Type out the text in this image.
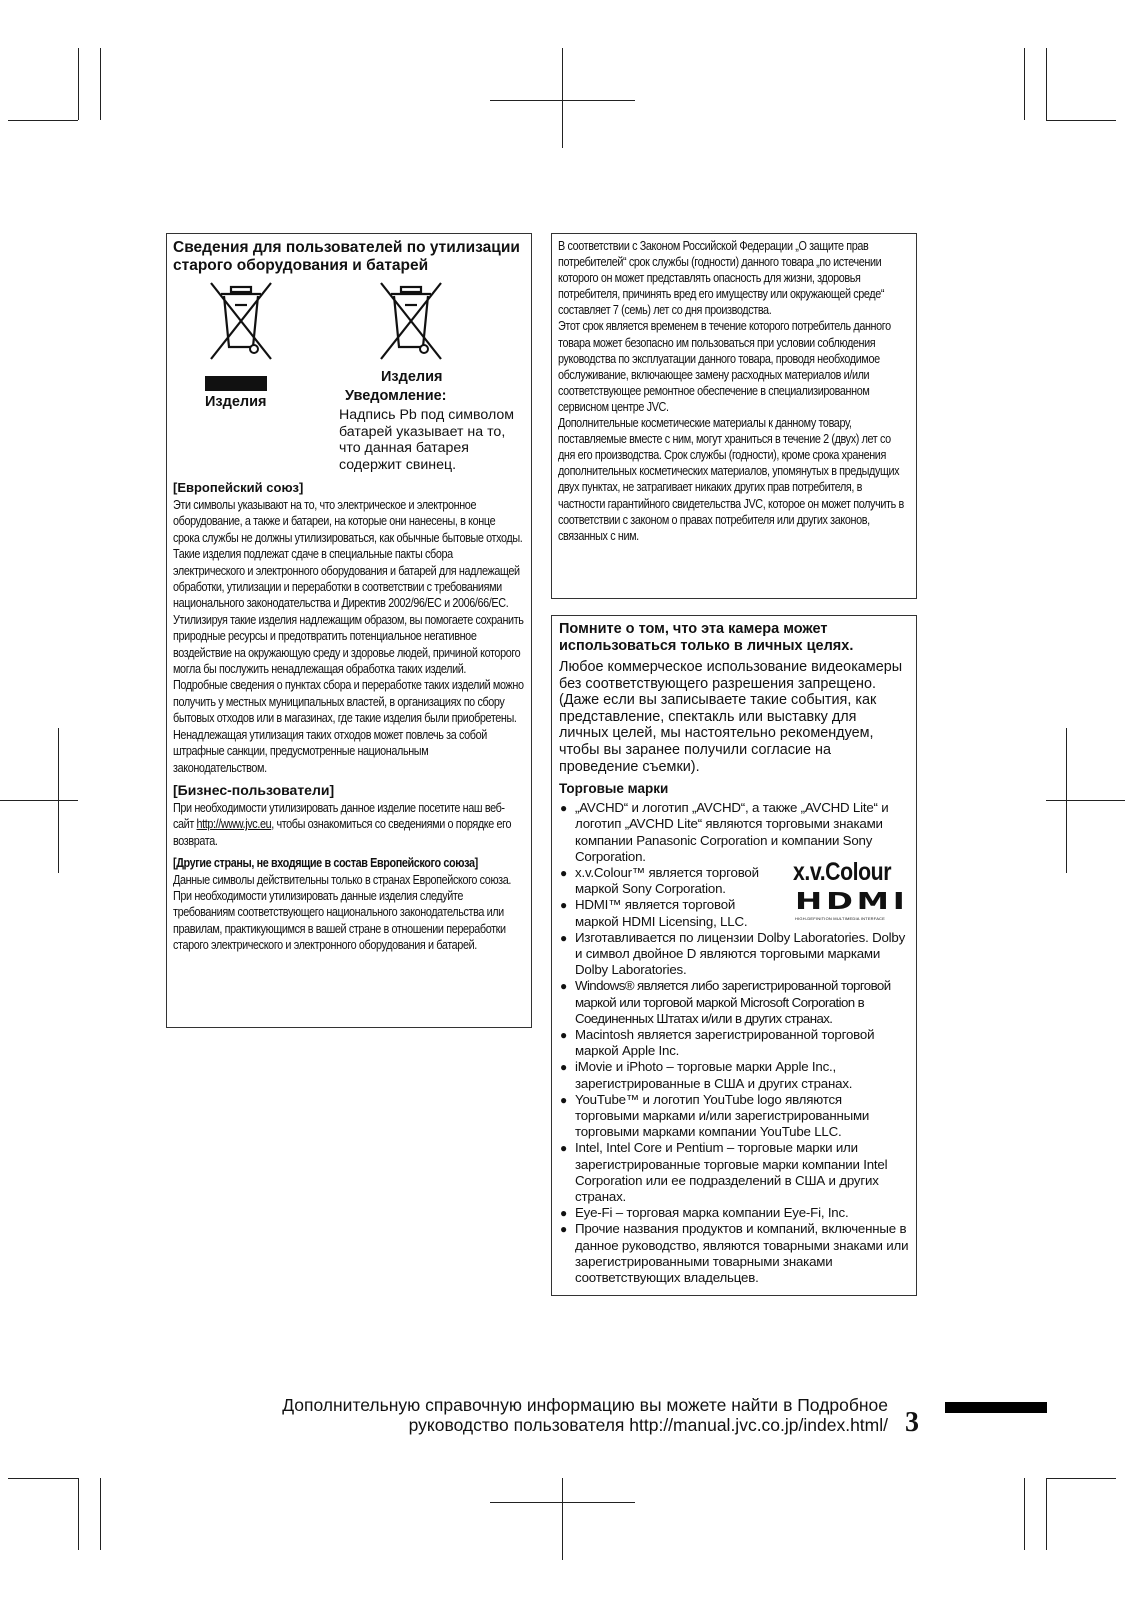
Сведения для пользователей по утилизации старого оборудования и батарей
Изделия
Изделия
Уведомление:
Надпись Pb под символом батарей указывает на то, что данная батарея содержит свинец.
[Европейский союз]

Эти символы указывают на то, что электрическое и электронное оборудование, а также и батареи, на которые они нанесены, в конце срока службы не должны утилизироваться, как обычные бытовые отходы. Такие изделия подлежат сдаче в специальные пакты сбора электрического и электронного оборудования и батарей для надлежащей обработки, утилизации и переработки в соответствии с требованиями национального законодательства и Директив 2002/96/EC и 2006/66/EC.

Утилизируя такие изделия надлежащим образом, вы помогаете сохранить природные ресурсы и предотвратить потенциальное негативное воздействие на окружающую среду и здоровье людей, причиной которого могла бы послужить ненадлежащая обработка таких изделий.

Подробные сведения о пунктах сбора и переработке таких изделий можно получить у местных муниципальных властей, в организациях по сбору бытовых отходов или в магазинах, где такие изделия были приобретены.

Ненадлежащая утилизация таких отходов может повлечь за собой штрафные санкции, предусмотренные национальным законодательством.

[Бизнес-пользователи]

При необходимости утилизировать данное изделие посетите наш веб-сайт http://www.jvc.eu, чтобы ознакомиться со сведениями о порядке его возврата.

[Другие страны, не входящие в состав Европейского союза]

Данные символы действительны только в странах Европейского союза. При необходимости утилизировать данные изделия следуйте требованиям соответствующего национального законодательства или правилам, практикующимся в вашей стране в отношении переработки старого электрического и электронного оборудования и батарей.

В соответствии с Законом Российской Федерации „О защите прав потребителей“ срок службы (годности) данного товара „по истечении которого он может представлять опасность для жизни, здоровья потребителя, причинять вред его имуществу или окружающей среде“ составляет 7 (семь) лет со дня производства.

Этот срок является временем в течение которого потребитель данного товара может безопасно им пользоваться при условии соблюдения руководства по эксплуатации данного товара, проводя необходимое обслуживание, включающее замену расходных материалов и/или соответствующее ремонтное обеспечение в специализированном сервисном центре JVC.

Дополнительные косметические материалы к данному товару, поставляемые вместе с ним, могут храниться в течение 2 (двух) лет со дня его производства. Срок службы (годности), кроме срока хранения дополнительных косметических материалов, упомянутых в предыдущих двух пунктах, не затрагивает никаких других прав потребителя, в частности гарантийного свидетельства JVC, которое он может получить в соответствии с законом о правах потребителя или других законов, связанных с ним.

Помните о том, что эта камера может использоваться только в личных целях.
Любое коммерческое использование видеокамеры без соответствующего разрешения запрещено. (Даже если вы записываете такие события, как представление, спектакль или выставку для личных целей, мы настоятельно рекомендуем, чтобы вы заранее получили согласие на проведение съемки).
Торговые марки
x.v.Colour
HDMI
HIGH-DEFINITION MULTIMEDIA INTERFACE
● „AVCHD“ и логотип „AVCHD“, а также „AVCHD Lite“ и логотип „AVCHD Lite“ являются торговыми знаками компании Panasonic Corporation и компании Sony Corporation.
● x.v.Colour™ является торговой маркой Sony Corporation.
● HDMI™ является торговой маркой HDMI Licensing, LLC.
● Изготавливается по лицензии Dolby Laboratories. Dolby и символ двойное D являются торговыми марками Dolby Laboratories.
● Windows® является либо зарегистрированной торговой маркой или торговой маркой Microsoft Corporation в Соединенных Штатах и/или в других странах.
● Macintosh является зарегистрированной торговой маркой Apple Inc.
● iMovie и iPhoto – торговые марки Apple Inc., зарегистрированные в США и других странах.
● YouTube™ и логотип YouTube logo являются торговыми марками и/или зарегистрированными торговыми марками компании YouTube LLC.
● Intel, Intel Core и Pentium – торговые марки или зарегистрированные торговые марки компании Intel Corporation или ее подразделений в США и других странах.
● Eye-Fi – торговая марка компании Eye-Fi, Inc.
● Прочие названия продуктов и компаний, включенные в данное руководство, являются товарными знаками или зарегистрированными товарными знаками соответствующих владельцев.
Дополнительную справочную информацию вы можете найти в Подробное
руководство пользователя http://manual.jvc.co.jp/index.html/ 3
